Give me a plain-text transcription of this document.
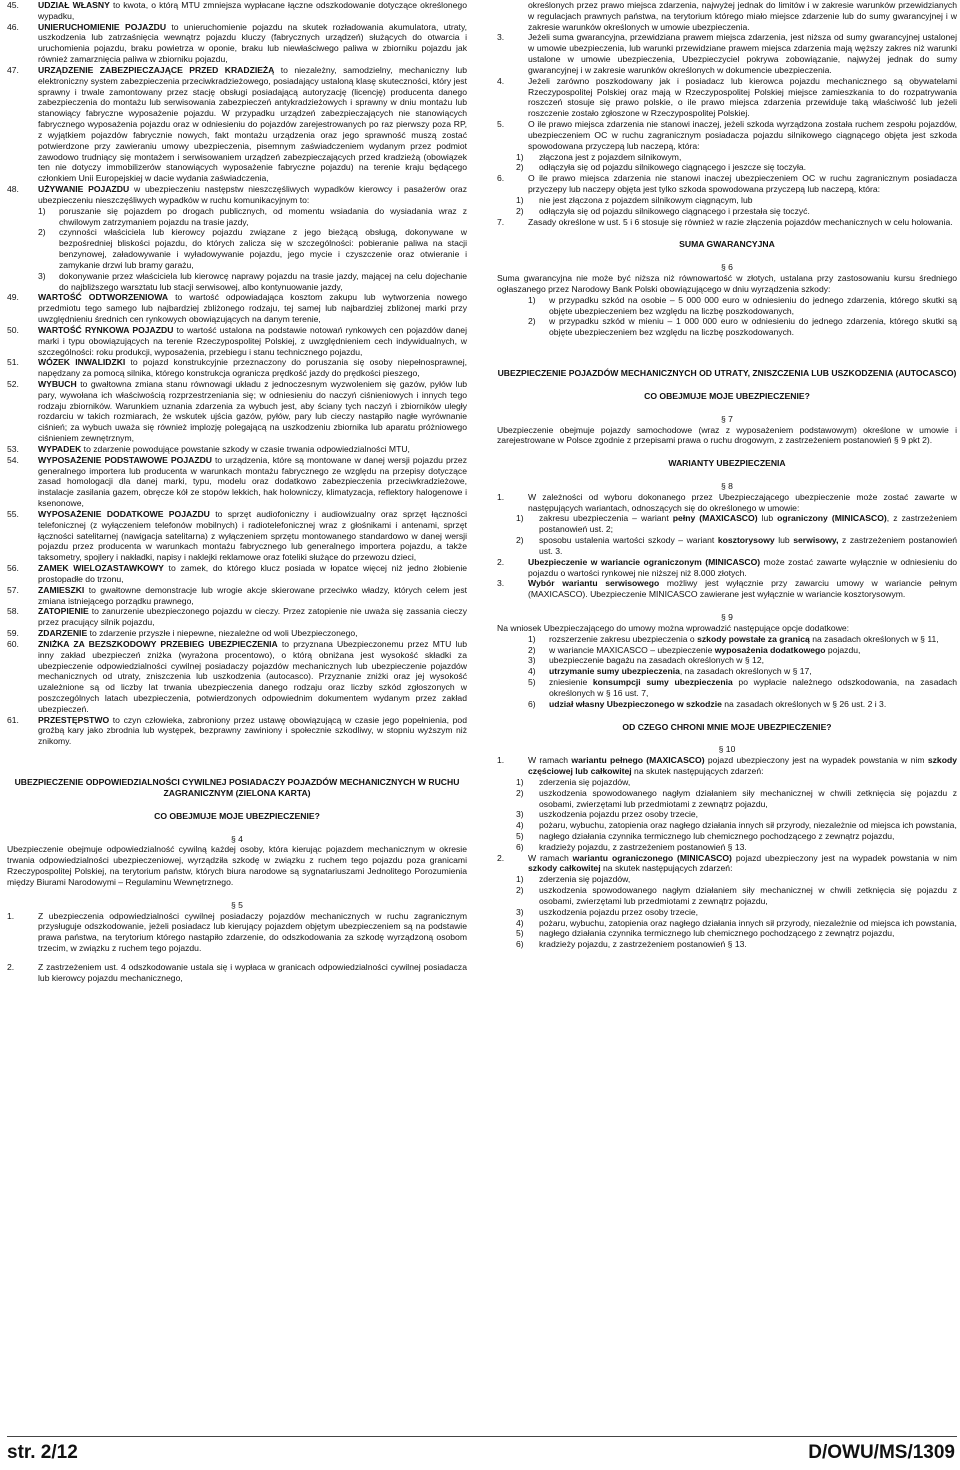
45. UDZIAŁ WŁASNY to kwota, o którą MTU zmniejsza wypłacane łączne odszkodowanie dotyczące określonego wypadku,
46. UNIERUCHOMIENIE POJAZDU to unieruchomienie pojazdu na skutek rozładowania akumulatora, utraty, uszkodzenia lub zatrzaśnięcia wewnątrz pojazdu kluczy (fabrycznych urządzeń) służących do otwarcia i uruchomienia pojazdu, braku powietrza w oponie, braku lub niewłaściwego paliwa w zbiorniku pojazdu jak również zamarznięcia paliwa w zbiorniku pojazdu,
47. URZĄDZENIE ZABEZPIECZAJĄCE PRZED KRADZIEŻĄ to niezależny, samodzielny, mechaniczny lub elektroniczny system zabezpieczenia przeciwkradzieżowego, posiadający ustaloną klasę skuteczności, który jest sprawny i trwale zamontowany przez stację obsługi posiadającą autoryzację (licencję) producenta danego zabezpieczenia do montażu lub serwisowania zabezpieczeń antykradzieżowych i sprawny w dniu montażu lub stanowiący fabryczne wyposażenie pojazdu. W przypadku urządzeń zabezpieczających nie stanowiących fabrycznego wyposażenia pojazdu oraz w odniesieniu do pojazdów zarejestrowanych po raz pierwszy poza RP, z wyjątkiem pojazdów fabrycznie nowych, fakt montażu urządzenia oraz jego sprawność muszą zostać potwierdzone przy zawieraniu umowy ubezpieczenia, pisemnym zaświadczeniem wydanym przez podmiot zawodowo trudniący się montażem i serwisowaniem urządzeń zabezpieczających przed kradzieżą (obowiązek ten nie dotyczy immobilizerów stanowiących wyposażenie fabryczne pojazdu) na terenie kraju będącego członkiem Unii Europejskiej w dacie wydania zaświadczenia,
48. UŻYWANIE POJAZDU w ubezpieczeniu następstw nieszczęśliwych wypadków kierowcy i pasażerów oraz ubezpieczeniu nieszczęśliwych wypadków w ruchu komunikacyjnym to:
1) poruszanie się pojazdem po drogach publicznych, od momentu wsiadania do wysiadania wraz z chwilowym zatrzymaniem pojazdu na trasie jazdy,
2) czynności właściciela lub kierowcy pojazdu związane z jego bieżącą obsługą, dokonywane w bezpośredniej bliskości pojazdu, do których zalicza się w szczególności: pobieranie paliwa na stacji benzynowej, załadowywanie i wyładowywanie pojazdu, jego mycie i czyszczenie oraz otwieranie i zamykanie drzwi lub bramy garażu,
3) dokonywanie przez właściciela lub kierowcę naprawy pojazdu na trasie jazdy, mającej na celu dojechanie do najbliższego warsztatu lub stacji serwisowej, albo kontynuowanie jazdy,
49. WARTOŚĆ ODTWORZENIOWA to wartość odpowiadająca kosztom zakupu lub wytworzenia nowego przedmiotu tego samego lub najbardziej zbliżonego rodzaju, tej samej lub najbardziej zbliżonej marki przy uwzględnieniu średnich cen rynkowych obowiązujących na danym terenie,
50. WARTOŚĆ RYNKOWA POJAZDU to wartość ustalona na podstawie notowań rynkowych cen pojazdów danej marki i typu obowiązujących na terenie Rzeczypospolitej Polskiej, z uwzględnieniem cech indywidualnych, w szczególności: roku produkcji, wyposażenia, przebiegu i stanu technicznego pojazdu,
51. WÓZEK INWALIDZKI to pojazd konstrukcyjnie przeznaczony do poruszania się osoby niepełnosprawnej, napędzany za pomocą silnika, którego konstrukcja ogranicza prędkość jazdy do prędkości pieszego,
52. WYBUCH to gwałtowna zmiana stanu równowagi układu z jednoczesnym wyzwoleniem się gazów, pyłów lub pary, wywołana ich właściwością rozprzestrzeniania się; w odniesieniu do naczyń ciśnieniowych i innych tego rodzaju zbiorników. Warunkiem uznania zdarzenia za wybuch jest, aby ściany tych naczyń i zbiorników uległy rozdarciu w takich rozmiarach, że wskutek ujścia gazów, pyłów, pary lub cieczy nastąpiło nagłe wyrównanie ciśnień; za wybuch uważa się również implozję polegającą na uszkodzeniu zbiornika lub aparatu próżniowego ciśnieniem zewnętrznym,
53. WYPADEK to zdarzenie powodujące powstanie szkody w czasie trwania odpowiedzialności MTU,
54. WYPOSAŻENIE PODSTAWOWE POJAZDU to urządzenia, które są montowane w danej wersji pojazdu przez generalnego importera lub producenta w warunkach montażu fabrycznego ze względu na przepisy dotyczące zasad homologacji dla danej marki, typu, modelu oraz dodatkowo zabezpieczenia przeciwkradzieżowe, instalacje zasilania gazem, obręcze kół ze stopów lekkich, hak holowniczy, klimatyzacja, reflektory halogenowe i ksenonowe,
55. WYPOSAŻENIE DODATKOWE POJAZDU to sprzęt audiofoniczny i audiowizualny oraz sprzęt łączności telefonicznej (z wyłączeniem telefonów mobilnych) i radiotelefonicznej wraz z głośnikami i antenami, sprzęt łączności satelitarnej (nawigacja satelitarna) z wyłączeniem sprzętu montowanego standardowo w danej wersji pojazdu przez producenta w warunkach montażu fabrycznego lub generalnego importera pojazdu, a także taksometry, spojlery i nakładki, napisy i naklejki reklamowe oraz foteliki służące do przewozu dzieci,
56. ZAMEK WIELOZASTAWKOWY to zamek, do którego klucz posiada w łopatce więcej niż jedno żłobienie prostopadłe do trzonu,
57. ZAMIESZKI to gwałtowne demonstracje lub wrogie akcje skierowane przeciwko władzy, których celem jest zmiana istniejącego porządku prawnego,
58. ZATOPIENIE to zanurzenie ubezpieczonego pojazdu w cieczy. Przez zatopienie nie uważa się zassania cieczy przez pracujący silnik pojazdu,
59. ZDARZENIE to zdarzenie przyszłe i niepewne, niezależne od woli Ubezpieczonego,
60. ZNIŻKA ZA BEZSZKODOWY PRZEBIEG UBEZPIECZENIA to przyznana Ubezpieczonemu przez MTU lub inny zakład ubezpieczeń zniżka (wyrażona procentowo), o którą obniżana jest wysokość składki za ubezpieczenie odpowiedzialności cywilnej posiadaczy pojazdów mechanicznych lub ubezpieczenie pojazdów mechanicznych od utraty, zniszczenia lub uszkodzenia (autocasco). Przyznanie zniżki oraz jej wysokość uzależnione są od liczby lat trwania ubezpieczenia danego rodzaju oraz liczby szkód zgłoszonych w poszczególnych latach ubezpieczenia, potwierdzonych odpowiednim dokumentem wydanym przez zakład ubezpieczeń.
61. PRZESTĘPSTWO to czyn człowieka, zabroniony przez ustawę obowiązującą w czasie jego popełnienia, pod groźbą kary jako zbrodnia lub występek, bezprawny zawiniony i społecznie szkodliwy, w stopniu wyższym niż znikomy.
UBEZPIECZENIE ODPOWIEDZIALNOŚCI CYWILNEJ POSIADACZY POJAZDÓW MECHANICZNYCH W RUCHU ZAGRANICZNYM (ZIELONA KARTA)
CO OBEJMUJE MOJE UBEZPIECZENIE?
§ 4
Ubezpieczenie obejmuje odpowiedzialność cywilną każdej osoby, która kierując pojazdem mechanicznym w okresie trwania odpowiedzialności ubezpieczeniowej, wyrządziła szkodę w związku z ruchem tego pojazdu poza granicami Rzeczypospolitej Polskiej, na terytorium państw, których biura narodowe są sygnatariuszami Jednolitego Porozumienia między Biurami Narodowymi – Regulaminu Wewnętrznego.
§ 5
1.	Z ubezpieczenia odpowiedzialności cywilnej posiadaczy pojazdów mechanicznych w ruchu zagranicznym przysługuje odszkodowanie, jeżeli posiadacz lub kierujący pojazdem objętym ubezpieczeniem są na podstawie prawa państwa, na terytorium którego nastąpiło zdarzenie, do odszkodowania za szkodę wyrządzoną osobom trzecim, w związku z ruchem tego pojazdu.
2.	Z zastrzeżeniem ust. 4 odszkodowanie ustala się i wypłaca w granicach odpowiedzialności cywilnej posiadacza lub kierowcy pojazdu mechanicznego,
określonych przez prawo miejsca zdarzenia, najwyżej jednak do limitów i w zakresie warunków przewidzianych w regulacjach prawnych państwa, na terytorium którego miało miejsce zdarzenie lub do sumy gwarancyjnej i w zakresie warunków określonych w umowie ubezpieczenia.
3.	Jeżeli suma gwarancyjna, przewidziana prawem miejsca zdarzenia, jest niższa od sumy gwarancyjnej ustalonej w umowie ubezpieczenia, lub warunki przewidziane prawem miejsca zdarzenia mają węższy zakres niż warunki ustalone w umowie ubezpieczenia, Ubezpieczyciel pokrywa zobowiązanie, najwyżej jednak do sumy gwarancyjnej i w zakresie warunków określonych w dokumencie ubezpieczenia.
4.	Jeżeli zarówno poszkodowany jak i posiadacz lub kierowca pojazdu mechanicznego są obywatelami Rzeczypospolitej Polskiej oraz mają w Rzeczypospolitej Polskiej miejsce zamieszkania to do rozpatrywania roszczeń stosuje się prawo polskie, o ile prawo miejsca zdarzenia przewiduje taką właściwość lub jeżeli roszczenie zostało zgłoszone w Rzeczypospolitej Polskiej.
5.	O ile prawo miejsca zdarzenia nie stanowi inaczej, jeżeli szkoda wyrządzona została ruchem zespołu pojazdów, ubezpieczeniem OC w ruchu zagranicznym posiadacza pojazdu silnikowego ciągnącego objęta jest szkoda spowodowana przyczepą lub naczepą, która:
1) złączona jest z pojazdem silnikowym,
2) odłączyła się od pojazdu silnikowego ciągnącego i jeszcze się toczyła.
6.	O ile prawo miejsca zdarzenia nie stanowi inaczej ubezpieczeniem OC w ruchu zagranicznym posiadacza przyczepy lub naczepy objęta jest tylko szkoda spowodowana przyczepą lub naczepą, która:
1) nie jest złączona z pojazdem silnikowym ciągnącym, lub
2) odłączyła się od pojazdu silnikowego ciągnącego i przestała się toczyć.
7.	Zasady określone w ust. 5 i 6 stosuje się również w razie złączenia pojazdów mechanicznych w celu holowania.
SUMA GWARANCYJNA
§ 6
Suma gwarancyjna nie może być niższa niż równowartość w złotych, ustalana przy zastosowaniu kursu średniego ogłaszanego przez Narodowy Bank Polski obowiązującego w dniu wyrządzenia szkody:
1) w przypadku szkód na osobie – 5 000 000 euro w odniesieniu do jednego zdarzenia, którego skutki są objęte ubezpieczeniem bez względu na liczbę poszkodowanych,
2) w przypadku szkód w mieniu – 1 000 000 euro w odniesieniu do jednego zdarzenia, którego skutki są objęte ubezpieczeniem bez względu na liczbę poszkodowanych.
UBEZPIECZENIE POJAZDÓW MECHANICZNYCH OD UTRATY, ZNISZCZENIA LUB USZKODZENIA (AUTOCASCO)
CO OBEJMUJE MOJE UBEZPIECZENIE?
§ 7
Ubezpieczenie obejmuje pojazdy samochodowe (wraz z wyposażeniem podstawowym) określone w umowie i zarejestrowane w Polsce zgodnie z przepisami prawa o ruchu drogowym, z zastrzeżeniem postanowień § 9 pkt 2).
WARIANTY UBEZPIECZENIA
§ 8
1.	W zależności od wyboru dokonanego przez Ubezpieczającego ubezpieczenie może zostać zawarte w następujących wariantach, odnoszących się do określonego w umowie:
1) zakresu ubezpieczenia – wariant pełny (MAXICASCO) lub ograniczony (MINICASCO), z zastrzeżeniem postanowień ust. 2;
2) sposobu ustalenia wartości szkody – wariant kosztorysowy lub serwisowy, z zastrzeżeniem postanowień ust. 3.
2.	Ubezpieczenie w wariancie ograniczonym (MINICASCO) może zostać zawarte wyłącznie w odniesieniu do pojazdu o wartości rynkowej nie niższej niż 8.000 złotych.
3.	Wybór wariantu serwisowego możliwy jest wyłącznie przy zawarciu umowy w wariancie pełnym (MAXICASCO). Ubezpieczenie MINICASCO zawierane jest wyłącznie w wariancie kosztorysowym.
§ 9
Na wniosek Ubezpieczającego do umowy można wprowadzić następujące opcje dodatkowe:
1) rozszerzenie zakresu ubezpieczenia o szkody powstałe za granicą na zasadach określonych w § 11,
2) w wariancie MAXICASCO – ubezpieczenie wyposażenia dodatkowego pojazdu,
3) ubezpieczenie bagażu na zasadach określonych w § 12,
4) utrzymanie sumy ubezpieczenia, na zasadach określonych w § 17,
5) zniesienie konsumpcji sumy ubezpieczenia po wypłacie należnego odszkodowania, na zasadach określonych w § 16 ust. 7,
6) udział własny Ubezpieczonego w szkodzie na zasadach określonych w § 26 ust. 2 i 3.
OD CZEGO CHRONI MNIE MOJE UBEZPIECZENIE?
§ 10
1.	W ramach wariantu pełnego (MAXICASCO) pojazd ubezpieczony jest na wypadek powstania w nim szkody częściowej lub całkowitej na skutek następujących zdarzeń:
1) zderzenia się pojazdów,
2) uszkodzenia spowodowanego nagłym działaniem siły mechanicznej w chwili zetknięcia się pojazdu z osobami, zwierzętami lub przedmiotami z zewnątrz pojazdu,
3) uszkodzenia pojazdu przez osoby trzecie,
4) pożaru, wybuchu, zatopienia oraz nagłego działania innych sił przyrody, niezależnie od miejsca ich powstania,
5) nagłego działania czynnika termicznego lub chemicznego pochodzącego z zewnątrz pojazdu,
6) kradzieży pojazdu, z zastrzeżeniem postanowień § 13.
2.	W ramach wariantu ograniczonego (MINICASCO) pojazd ubezpieczony jest na wypadek powstania w nim szkody całkowitej na skutek następujących zdarzeń:
1) zderzenia się pojazdów,
2) uszkodzenia spowodowanego nagłym działaniem siły mechanicznej w chwili zetknięcia się pojazdu z osobami, zwierzętami lub przedmiotami z zewnątrz pojazdu,
3) uszkodzenia pojazdu przez osoby trzecie,
4) pożaru, wybuchu, zatopienia oraz nagłego działania innych sił przyrody, niezależnie od miejsca ich powstania,
5) nagłego działania czynnika termicznego lub chemicznego pochodzącego z zewnątrz pojazdu,
6) kradzieży pojazdu, z zastrzeżeniem postanowień § 13.
str. 2/12	D/OWU/MS/1309
